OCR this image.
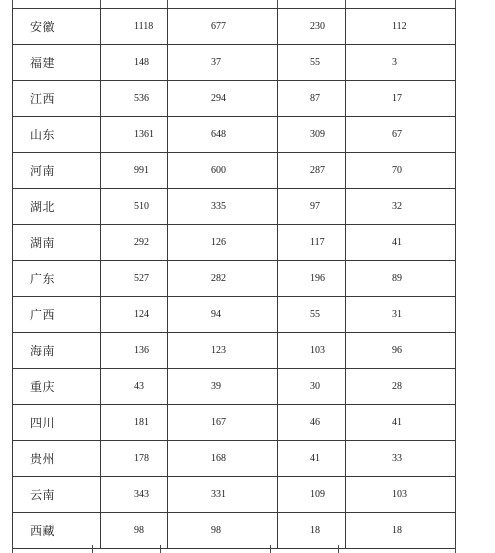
安徽	1118	677	230	112
福建	148	37	55	3
江西	536	294	87	17
山东	1361	648	309	67
河南	991	600	287	70
湖北	510	335	97	32
湖南	292	126	117	41
广东	527	282	196	89
广西	124	94	55	31
海南	136	123	103	96
重庆	43	39	30	28
四川	181	167	46	41
贵州	178	168	41	33
云南	343	331	109	103
西藏	98	98	18	18
